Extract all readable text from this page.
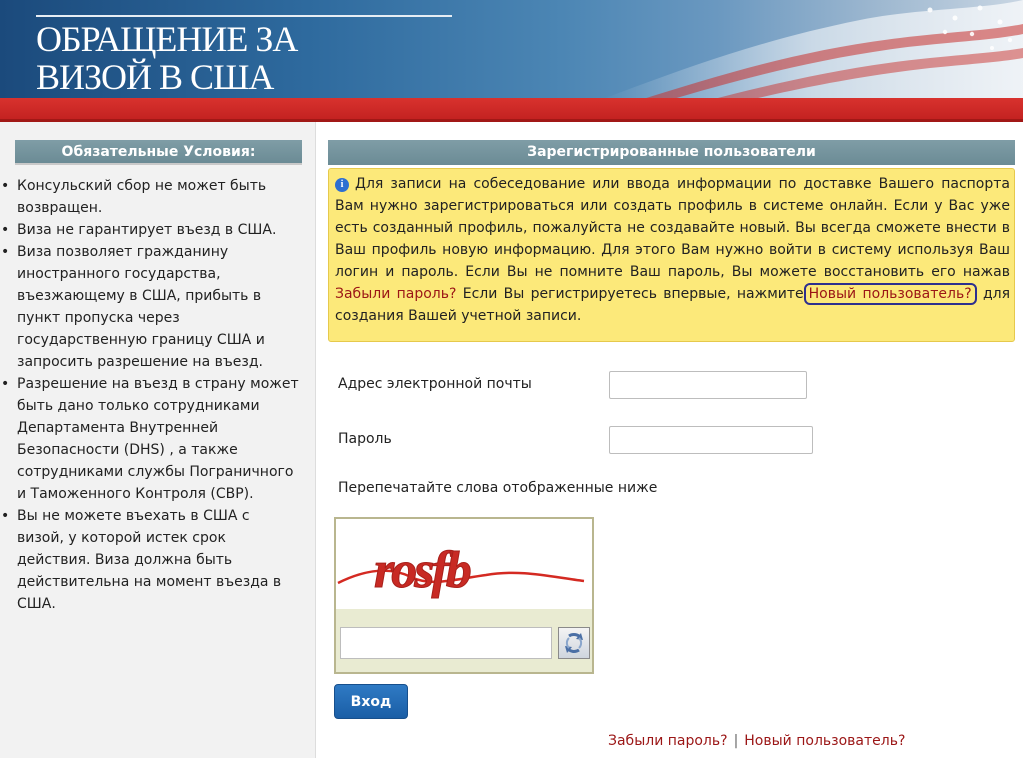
ОБРАЩЕНИЕ ЗА
ВИЗОЙ В США
Обязательные Условия:
• Консульский сбор не может быть возвращен.
• Виза не гарантирует въезд в США.
• Виза позволяет гражданину иностранного государства, въезжающему в США, прибыть в пункт пропуска через государственную границу США и запросить разрешение на въезд.
• Разрешение на въезд в страну может быть дано только сотрудниками Департамента Внутренней Безопасности (DHS) , а также сотрудниками службы Пограничного и Таможенного Контроля (CBP).
• Вы не можете въехать в США с визой, у которой истек срок действия. Виза должна быть действительна на момент въезда в США.
Зарегистрированные пользователи
i Для записи на собеседование или ввода информации по доставке Вашего паспорта Вам нужно зарегистрироваться или создать профиль в системе онлайн. Если у Вас уже есть созданный профиль, пожалуйста не создавайте новый. Вы всегда сможете внести в Ваш профиль новую информацию. Для этого Вам нужно войти в систему используя Ваш логин и пароль. Если Вы не помните Ваш пароль, Вы можете восстановить его нажав Забыли пароль? Если Вы регистрируетесь впервые, нажмите Новый пользователь? для создания Вашей учетной записи.
Адрес электронной почты
Пароль
Перепечатайте слова отображенные ниже
rosfb
Вход
Забыли пароль? | Новый пользователь?
